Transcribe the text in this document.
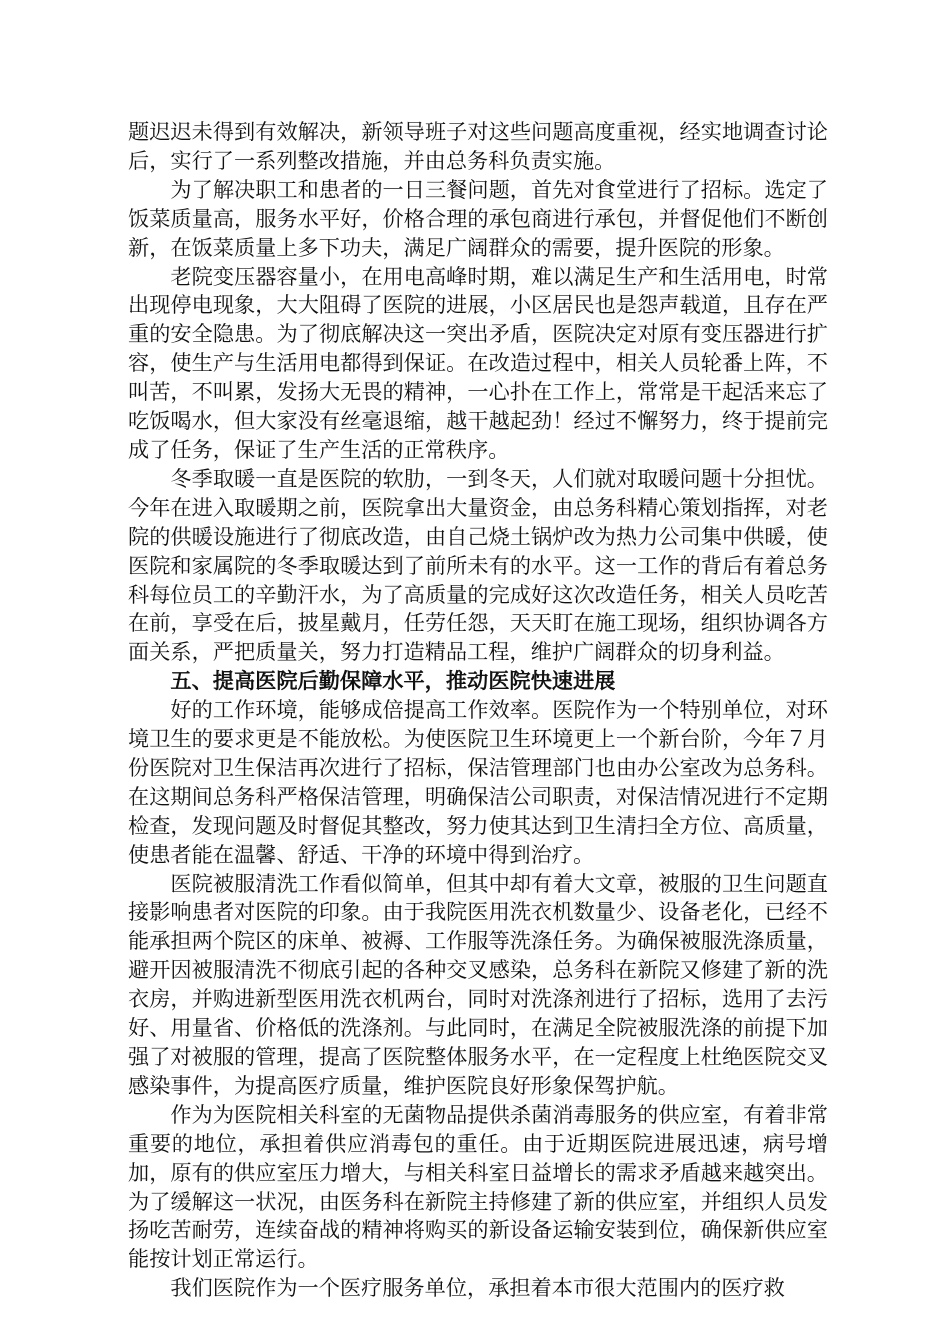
题迟迟未得到有效解决，新领导班子对这些问题高度重视，经实地调查讨论后，实行了一系列整改措施，并由总务科负责实施。

为了解决职工和患者的一日三餐问题，首先对食堂进行了招标。选定了饭菜质量高，服务水平好，价格合理的承包商进行承包，并督促他们不断创新，在饭菜质量上多下功夫，满足广阔群众的需要，提升医院的形象。

老院变压器容量小，在用电高峰时期，难以满足生产和生活用电，时常出现停电现象，大大阻碍了医院的进展，小区居民也是怨声载道，且存在严重的安全隐患。为了彻底解决这一突出矛盾，医院决定对原有变压器进行扩容，使生产与生活用电都得到保证。在改造过程中，相关人员轮番上阵，不叫苦，不叫累，发扬大无畏的精神，一心扑在工作上，常常是干起活来忘了吃饭喝水，但大家没有丝毫退缩，越干越起劲！经过不懈努力，终于提前完成了任务，保证了生产生活的正常秩序。

冬季取暖一直是医院的软肋，一到冬天，人们就对取暖问题十分担忧。今年在进入取暖期之前，医院拿出大量资金，由总务科精心策划指挥，对老院的供暖设施进行了彻底改造，由自己烧土锅炉改为热力公司集中供暖，使医院和家属院的冬季取暖达到了前所未有的水平。这一工作的背后有着总务科每位员工的辛勤汗水，为了高质量的完成好这次改造任务，相关人员吃苦在前，享受在后，披星戴月，任劳任怨，天天盯在施工现场，组织协调各方面关系，严把质量关，努力打造精品工程，维护广阔群众的切身利益。

五、提高医院后勤保障水平，推动医院快速进展

好的工作环境，能够成倍提高工作效率。医院作为一个特别单位，对环境卫生的要求更是不能放松。为使医院卫生环境更上一个新台阶，今年７月份医院对卫生保洁再次进行了招标，保洁管理部门也由办公室改为总务科。在这期间总务科严格保洁管理，明确保洁公司职责，对保洁情况进行不定期检查，发现问题及时督促其整改，努力使其达到卫生清扫全方位、高质量，使患者能在温馨、舒适、干净的环境中得到治疗。

医院被服清洗工作看似简单，但其中却有着大文章，被服的卫生问题直接影响患者对医院的印象。由于我院医用洗衣机数量少、设备老化，已经不能承担两个院区的床单、被褥、工作服等洗涤任务。为确保被服洗涤质量，避开因被服清洗不彻底引起的各种交叉感染，总务科在新院又修建了新的洗衣房，并购进新型医用洗衣机两台，同时对洗涤剂进行了招标，选用了去污好、用量省、价格低的洗涤剂。与此同时，在满足全院被服洗涤的前提下加强了对被服的管理，提高了医院整体服务水平，在一定程度上杜绝医院交叉感染事件，为提高医疗质量，维护医院良好形象保驾护航。

作为为医院相关科室的无菌物品提供杀菌消毒服务的供应室，有着非常重要的地位，承担着供应消毒包的重任。由于近期医院进展迅速，病号增加，原有的供应室压力增大，与相关科室日益增长的需求矛盾越来越突出。为了缓解这一状况，由医务科在新院主持修建了新的供应室，并组织人员发扬吃苦耐劳，连续奋战的精神将购买的新设备运输安装到位，确保新供应室能按计划正常运行。

我们医院作为一个医疗服务单位，承担着本市很大范围内的医疗救
